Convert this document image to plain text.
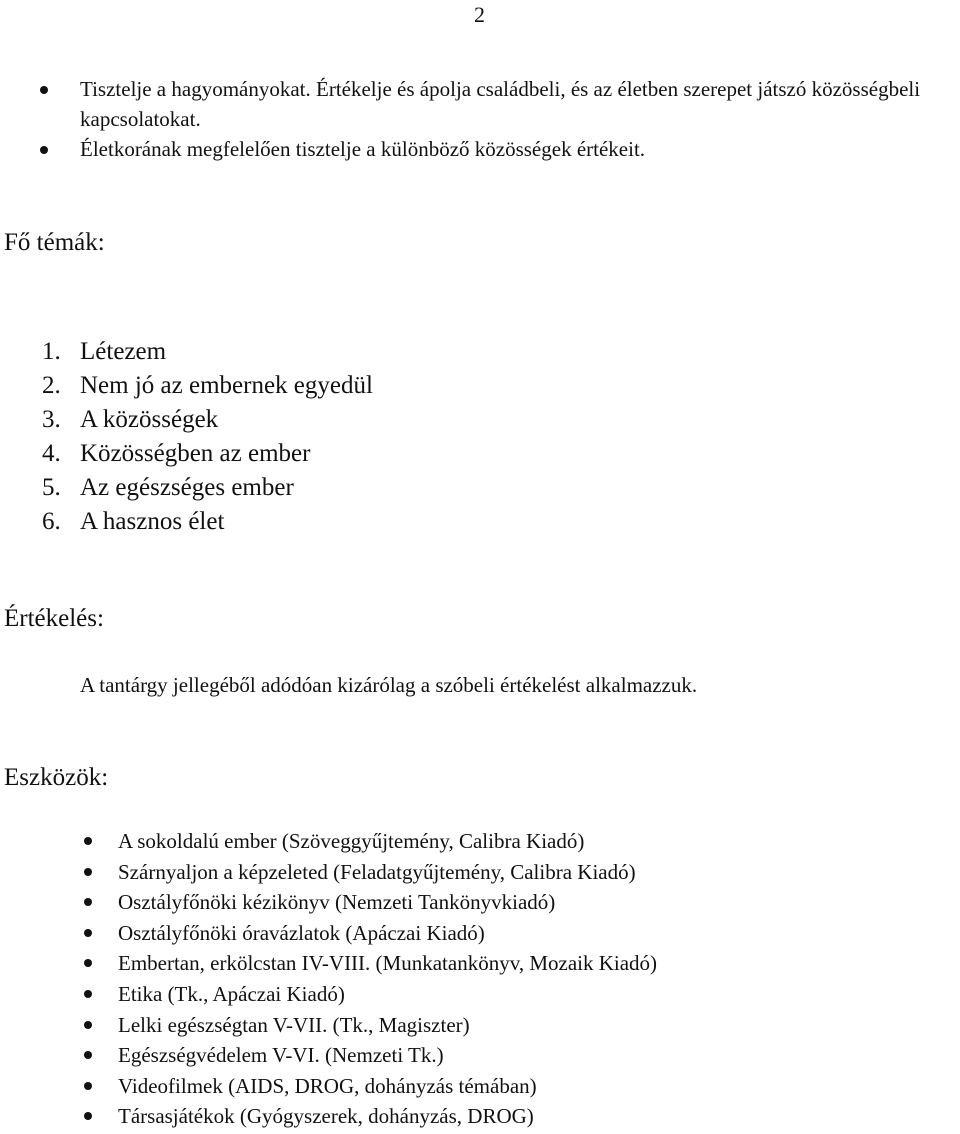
2
Tisztelje a hagyományokat. Értékelje és ápolja családbeli, és az életben szerepet játszó közösségbeli kapcsolatokat.
Életkorának megfelelően tisztelje a különböző közösségek értékeit.
Fő témák:
1. Létezem
2. Nem jó az embernek egyedül
3. A közösségek
4. Közösségben az ember
5. Az egészséges ember
6. A hasznos élet
Értékelés:

A tantárgy jellegéből adódóan kizárólag a szóbeli értékelést alkalmazzuk.

Eszközök:
A sokoldalú ember (Szöveggyűjtemény, Calibra Kiadó)
Szárnyaljon a képzeleted (Feladatgyűjtemény, Calibra Kiadó)
Osztályfőnöki kézikönyv (Nemzeti Tankönyvkiadó)
Osztályfőnöki óravázlatok (Apáczai Kiadó)
Embertan, erkölcstan IV-VIII. (Munkatankönyv, Mozaik Kiadó)
Etika (Tk., Apáczai Kiadó)
Lelki egészségtan V-VII. (Tk., Magiszter)
Egészségvédelem V-VI. (Nemzeti Tk.)
Videofilmek (AIDS, DROG, dohányzás témában)
Társasjátékok (Gyógyszerek, dohányzás, DROG)
